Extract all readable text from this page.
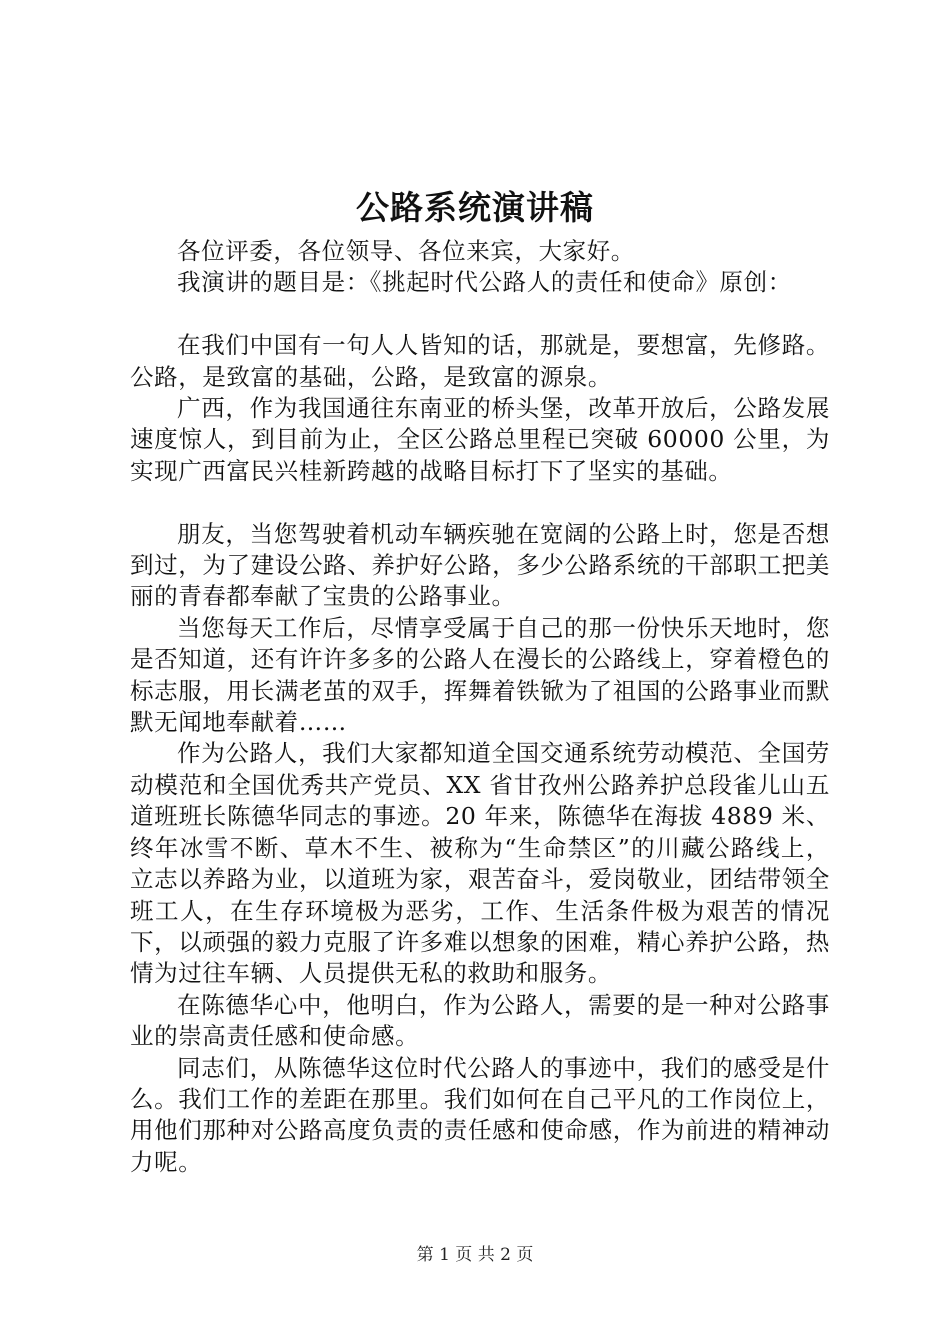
公路系统演讲稿

各位评委，各位领导、各位来宾，大家好。

我演讲的题目是：《挑起时代公路人的责任和使命》原创：

在我们中国有一句人人皆知的话，那就是，要想富，先修路。公路，是致富的基础，公路，是致富的源泉。

广西，作为我国通往东南亚的桥头堡，改革开放后，公路发展速度惊人，到目前为止，全区公路总里程已突破 60000 公里，为实现广西富民兴桂新跨越的战略目标打下了坚实的基础。

朋友，当您驾驶着机动车辆疾驰在宽阔的公路上时，您是否想到过，为了建设公路、养护好公路，多少公路系统的干部职工把美丽的青春都奉献了宝贵的公路事业。

当您每天工作后，尽情享受属于自己的那一份快乐天地时，您是否知道，还有许许多多的公路人在漫长的公路线上，穿着橙色的标志服，用长满老茧的双手，挥舞着铁锨为了祖国的公路事业而默默无闻地奉献着……

作为公路人，我们大家都知道全国交通系统劳动模范、全国劳动模范和全国优秀共产党员、XX 省甘孜州公路养护总段雀儿山五道班班长陈德华同志的事迹。20 年来，陈德华在海拔 4889 米、终年冰雪不断、草木不生、被称为“生命禁区”的川藏公路线上，立志以养路为业，以道班为家，艰苦奋斗，爱岗敬业，团结带领全班工人，在生存环境极为恶劣，工作、生活条件极为艰苦的情况下，以顽强的毅力克服了许多难以想象的困难，精心养护公路，热情为过往车辆、人员提供无私的救助和服务。

在陈德华心中，他明白，作为公路人，需要的是一种对公路事业的崇高责任感和使命感。

同志们，从陈德华这位时代公路人的事迹中，我们的感受是什么。我们工作的差距在那里。我们如何在自己平凡的工作岗位上，用他们那种对公路高度负责的责任感和使命感，作为前进的精神动力呢。

第 1 页 共 2 页
